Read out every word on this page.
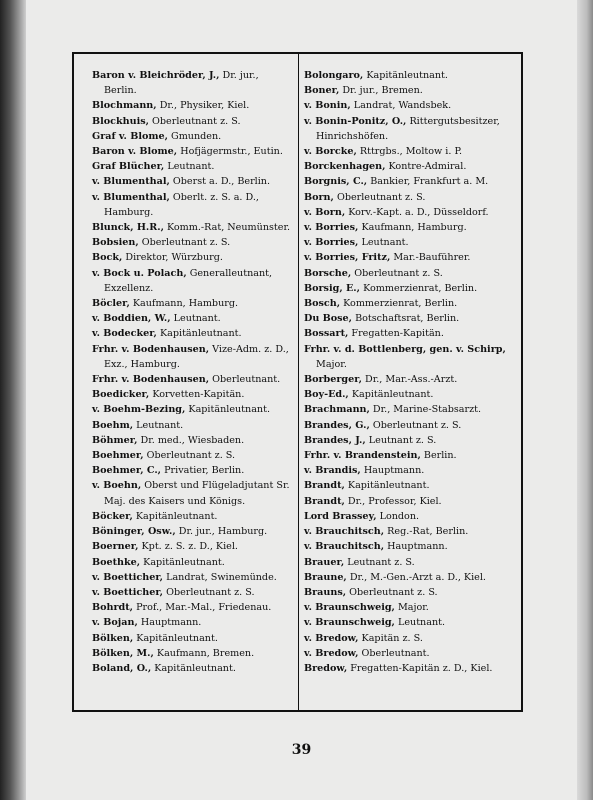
Baron v. Bleichröder, J., Dr. jur., Berlin.
Blochmann, Dr., Physiker, Kiel.
Blockhuis, Oberleutnant z. S.
Graf v. Blome, Gmunden.
Baron v. Blome, Hofjägermstr., Eutin.
Graf Blücher, Leutnant.
v. Blumenthal, Oberst a. D., Berlin.
v. Blumenthal, Oberlt. z. S. a. D., Hamburg.
Blunck, H.R., Komm.-Rat, Neumünster.
Bobsien, Oberleutnant z. S.
Bock, Direktor, Würzburg.
v. Bock u. Polach, Generalleutnant, Exzellenz.
Böcler, Kaufmann, Hamburg.
v. Boddien, W., Leutnant.
v. Bodecker, Kapitänleutnant.
Frhr. v. Bodenhausen, Vize-Adm. z. D., Exz., Hamburg.
Frhr. v. Bodenhausen, Oberleutnant.
Boedicker, Korvetten-Kapitän.
v. Boehm-Bezing, Kapitänleutnant.
Boehm, Leutnant.
Böhmer, Dr. med., Wiesbaden.
Boehmer, Oberleutnant z. S.
Boehmer, C., Privatier, Berlin.
v. Boehn, Oberst und Flügeladjutant Sr. Maj. des Kaisers und Königs.
Böcker, Kapitänleutnant.
Böninger, Osw., Dr. jur., Hamburg.
Boerner, Kpt. z. S. z. D., Kiel.
Boethke, Kapitänleutnant.
v. Boetticher, Landrat, Swinemünde.
v. Boetticher, Oberleutnant z. S.
Bohrdt, Prof., Mar.-Mal., Friedenau.
v. Bojan, Hauptmann.
Bölken, Kapitänleutnant.
Bölken, M., Kaufmann, Bremen.
Boland, O., Kapitänleutnant.
Bolongaro, Kapitänleutnant.
Boner, Dr. jur., Bremen.
v. Bonin, Landrat, Wandsbek.
v. Bonin-Ponitz, O., Rittergutsbesitzer, Hinrichshöfen.
v. Borcke, Rttrgbs., Moltow i. P.
Borckenhagen, Kontre-Admiral.
Borgnis, C., Bankier, Frankfurt a. M.
Born, Oberleutnant z. S.
v. Born, Korv.-Kapt. a. D., Düsseldorf.
v. Borries, Kaufmann, Hamburg.
v. Borries, Leutnant.
v. Borries, Fritz, Mar.-Bauführer.
Borsche, Oberleutnant z. S.
Borsig, E., Kommerzienrat, Berlin.
Bosch, Kommerzienrat, Berlin.
Du Bose, Botschaftsrat, Berlin.
Bossart, Fregatten-Kapitän.
Frhr. v. d. Bottlenberg, gen. v. Schirp, Major.
Borberger, Dr., Mar.-Ass.-Arzt.
Boy-Ed., Kapitänleutnant.
Brachmann, Dr., Marine-Stabsarzt.
Brandes, G., Oberleutnant z. S.
Brandes, J., Leutnant z. S.
Frhr. v. Brandenstein, Berlin.
v. Brandis, Hauptmann.
Brandt, Kapitänleutnant.
Brandt, Dr., Professor, Kiel.
Lord Brassey, London.
v. Brauchitsch, Reg.-Rat, Berlin.
v. Brauchitsch, Hauptmann.
Brauer, Leutnant z. S.
Braune, Dr., M.-Gen.-Arzt a. D., Kiel.
Brauns, Oberleutnant z. S.
v. Braunschweig, Major.
v. Braunschweig, Leutnant.
v. Bredow, Kapitän z. S.
v. Bredow, Oberleutnant.
Bredow, Fregatten-Kapitän z. D., Kiel.
39
